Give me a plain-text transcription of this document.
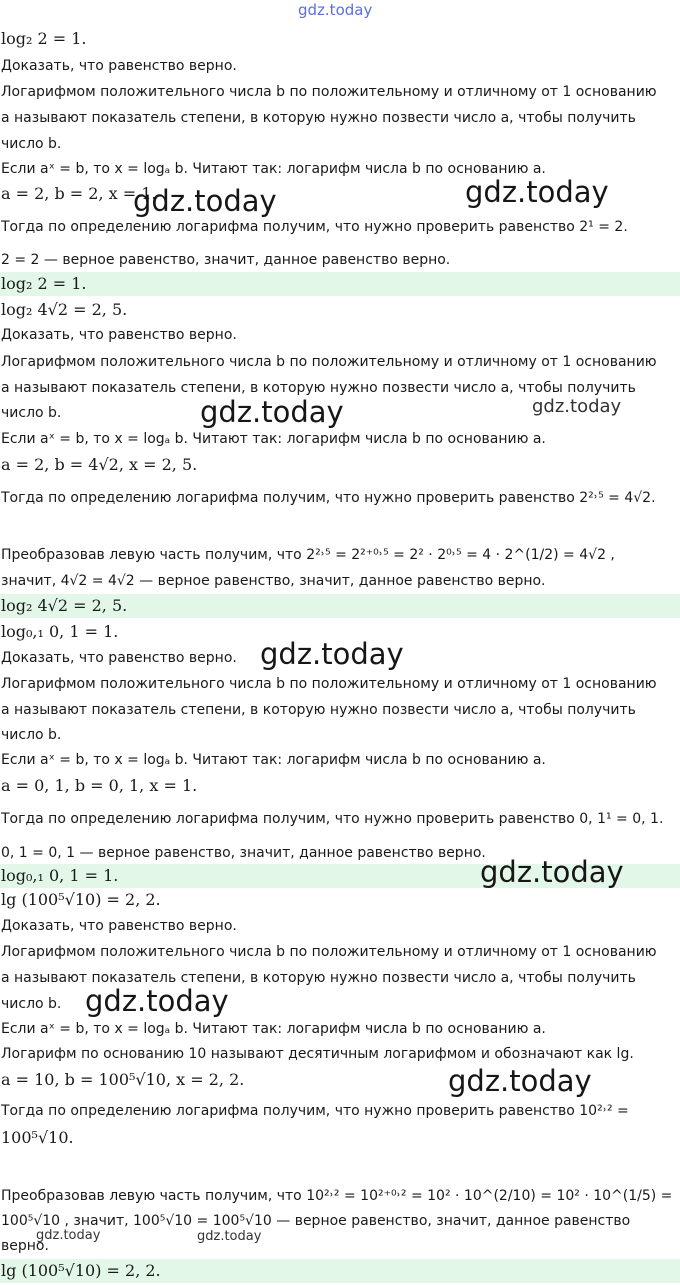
log₂ 2 = 1.
Доказать, что равенство верно.
Логарифмом положительного числа b по положительному и отличному от 1 основанию
a называют показатель степени, в которую нужно позвести число a, чтобы получить
число b.
Если aˣ = b, то x = logₐ b. Читают так: логарифм числа b по основанию a.
a = 2, b = 2, x = 1.
Тогда по определению логарифма получим, что нужно проверить равенство 2¹ = 2.
2 = 2 — верное равенство, значит, данное равенство верно.
log₂ 2 = 1.
log₂ 4√2 = 2, 5.
Доказать, что равенство верно.
Логарифмом положительного числа b по положительному и отличному от 1 основанию
a называют показатель степени, в которую нужно позвести число a, чтобы получить
число b.
Если aˣ = b, то x = logₐ b. Читают так: логарифм числа b по основанию a.
a = 2, b = 4√2, x = 2, 5.
Тогда по определению логарифма получим, что нужно проверить равенство 2²˒⁵ = 4√2.
Преобразовав левую часть получим, что 2²˒⁵ = 2²⁺⁰˒⁵ = 2² · 2⁰˒⁵ = 4 · 2^(1/2) = 4√2 ,
значит, 4√2 = 4√2 — верное равенство, значит, данное равенство верно.
log₂ 4√2 = 2, 5.
log₀,₁ 0, 1 = 1.
Доказать, что равенство верно.
Логарифмом положительного числа b по положительному и отличному от 1 основанию
a называют показатель степени, в которую нужно позвести число a, чтобы получить
число b.
Если aˣ = b, то x = logₐ b. Читают так: логарифм числа b по основанию a.
a = 0, 1, b = 0, 1, x = 1.
Тогда по определению логарифма получим, что нужно проверить равенство 0, 1¹ = 0, 1.
0, 1 = 0, 1 — верное равенство, значит, данное равенство верно.
log₀,₁ 0, 1 = 1.
lg (100⁵√10) = 2, 2.
Доказать, что равенство верно.
Логарифмом положительного числа b по положительному и отличному от 1 основанию
a называют показатель степени, в которую нужно позвести число a, чтобы получить
число b.
Если aˣ = b, то x = logₐ b. Читают так: логарифм числа b по основанию a.
Логарифм по основанию 10 называют десятичным логарифмом и обозначают как lg.
a = 10, b = 100⁵√10, x = 2, 2.
Тогда по определению логарифма получим, что нужно проверить равенство 10²˒² =
100⁵√10.
Преобразовав левую часть получим, что 10²˒² = 10²⁺⁰˒² = 10² · 10^(2/10) = 10² · 10^(1/5) =
100⁵√10 , значит, 100⁵√10 = 100⁵√10 — верное равенство, значит, данное равенство
верно.
lg (100⁵√10) = 2, 2.
gdz.today
gdz.today	gdz.today
gdz.today	gdz.today
gdz.today
gdz.today
gdz.today
gdz.today
gdz.today	gdz.today
